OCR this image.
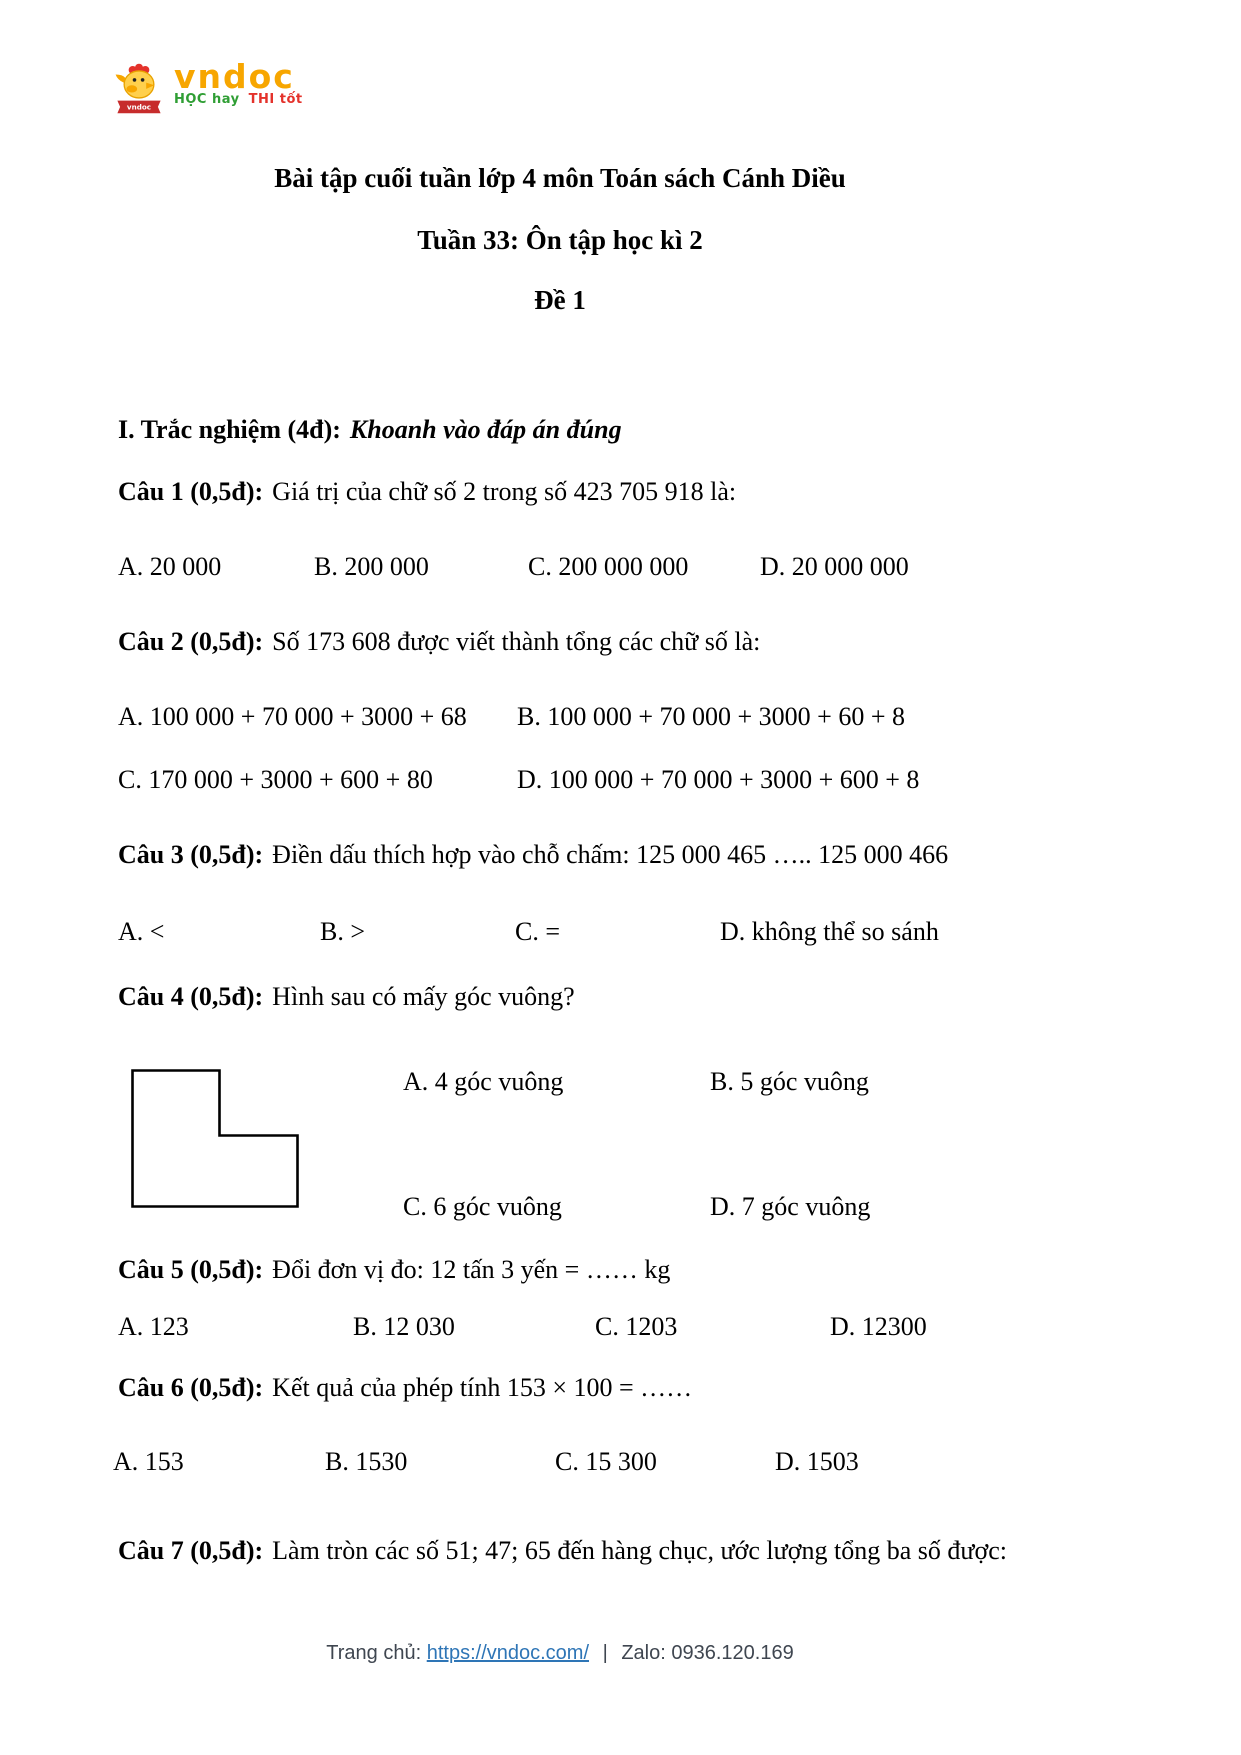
vndoc
vndoc
HỌC hay THI tốt
Bài tập cuối tuần lớp 4 môn Toán sách Cánh Diều
Tuần 33: Ôn tập học kì 2
Đề 1
I. Trắc nghiệm (4đ): Khoanh vào đáp án đúng
Câu 1 (0,5đ): Giá trị của chữ số 2 trong số 423 705 918 là:
A. 20 000	B. 200 000	C. 200 000 000	D. 20 000 000
Câu 2 (0,5đ): Số 173 608 được viết thành tổng các chữ số là:
A. 100 000 + 70 000 + 3000 + 68	B. 100 000 + 70 000 + 3000 + 60 + 8
C. 170 000 + 3000 + 600 + 80	D. 100 000 + 70 000 + 3000 + 600 + 8
Câu 3 (0,5đ): Điền dấu thích hợp vào chỗ chấm: 125 000 465 ….. 125 000 466
A. <	B. >	C. =	D. không thể so sánh
Câu 4 (0,5đ): Hình sau có mấy góc vuông?
A. 4 góc vuông	B. 5 góc vuông
C. 6 góc vuông	D. 7 góc vuông
Câu 5 (0,5đ): Đổi đơn vị đo: 12 tấn 3 yến = …… kg
A. 123	B. 12 030	C. 1203	D. 12300
Câu 6 (0,5đ): Kết quả của phép tính 153 × 100 = ……
A. 153	B. 1530	C. 15 300	D. 1503
Câu 7 (0,5đ): Làm tròn các số 51; 47; 65 đến hàng chục, ước lượng tổng ba số được:
Trang chủ: https://vndoc.com/ | Zalo: 0936.120.169
